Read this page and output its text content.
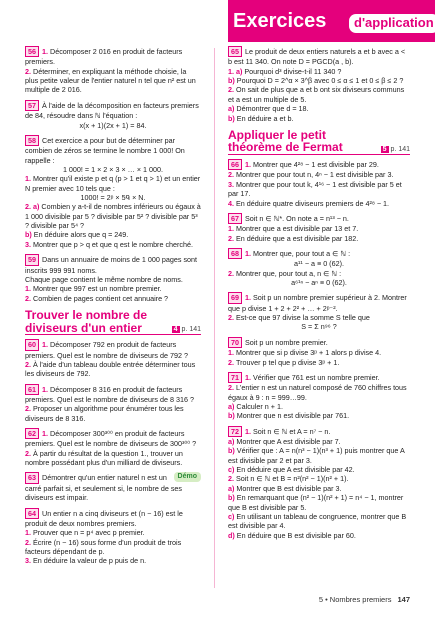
Exercices	d'application
56 1. Décomposer 2 016 en produit de facteurs premiers.
2. Déterminer, en expliquant la méthode choisie, la plus petite valeur de l'entier naturel n tel que n² est un multiple de 2 016.
57 À l'aide de la décomposition en facteurs premiers de 84, résoudre dans ℕ l'équation :
x(x + 1)(2x + 1) = 84.
58 Cet exercice a pour but de déterminer par combien de zéros se termine le nombre 1 000! On rappelle :
1 000! = 1 × 2 × 3 × … × 1 000.
1. Montrer qu'il existe p et q (p > 1 et q > 1) et un entier N premier avec 10 tels que :
1000! = 2ᵖ × 5ᑫ × N.
2. a) Combien y a-t-il de nombres inférieurs ou égaux à 1 000 divisible par 5 ? divisible par 5² ? divisible par 5³ ? divisible par 5⁴ ?
b) En déduire alors que q = 249.
3. Montrer que p > q et que q est le nombre cherché.
59 Dans un annuaire de moins de 1 000 pages sont inscrits 999 991 noms.
Chaque page contient le même nombre de noms.
1. Montrer que 997 est un nombre premier.
2. Combien de pages contient cet annuaire ?
Trouver le nombre de diviseurs d'un entier	4 p. 141
60 1. Décomposer 792 en produit de facteurs premiers. Quel est le nombre de diviseurs de 792 ?
2. À l'aide d'un tableau double entrée déterminer tous les diviseurs de 792.
61 1. Décomposer 8 316 en produit de facteurs premiers. Quel est le nombre de diviseurs de 8 316 ?
2. Proposer un algorithme pour énumérer tous les diviseurs de 8 316.
62 1. Décomposer 300³⁰⁰ en produit de facteurs premiers. Quel est le nombre de diviseurs de 300³⁰⁰ ?
2. À partir du résultat de la question 1., trouver un nombre possédant plus d'un milliard de diviseurs.
Démo
63 Démontrer qu'un entier naturel n est un carré parfait si, et seulement si, le nombre de ses diviseurs est impair.
64 Un entier n a cinq diviseurs et (n − 16) est le produit de deux nombres premiers.
1. Prouver que n = p⁴ avec p premier.
2. Écrire (n − 16) sous forme d'un produit de trois facteurs dépendant de p.
3. En déduire la valeur de p puis de n.
65 Le produit de deux entiers naturels a et b avec a < b est 11 340. On note D = PGCD(a , b).
1. a) Pourquoi d³ divise-t-il 11 340 ?
b) Pourquoi D = 2^α × 3^β avec 0 ≤ α ≤ 1 et 0 ≤ β ≤ 2 ?
2. On sait de plus que a et b ont six diviseurs communs et a est un multiple de 5.
a) Démontrer que d = 18.
b) En déduire a et b.
Appliquer le petit théorème de Fermat	5 p. 141
66 1. Montrer que 4²⁸ − 1 est divisible par 29.
2. Montrer que pour tout n, 4ⁿ − 1 est divisible par 3.
3. Montrer que pour tout k, 4¹⁶ − 1 est divisible par 5 et par 17.
4. En déduire quatre diviseurs premiers de 4²⁸ − 1.
67 Soit n ∈ ℕ*. On note a = n¹³ − n.
1. Montrer que a est divisible par 13 et 7.
2. En déduire que a est divisible par 182.
68 1. Montrer que, pour tout a ∈ ℕ :
a¹¹ − a ≡ 0 (62).
2. Montrer que, pour tout a, n ∈ ℕ :
a⁶¹ⁿ − aⁿ ≡ 0 (62).
69 1. Soit p un nombre premier supérieur à 2. Montrer que p divise 1 + 2 + 2² + … + 2ᵖ⁻².
2. Est-ce que 97 divise la somme S telle que
S = Σ n⁹⁶ ?
70 Soit p un nombre premier.
1. Montrer que si p divise 3ᵖ + 1 alors p divise 4.
2. Trouver p tel que p divise 3ᵖ + 1.
71 1. Vérifier que 761 est un nombre premier.
2. L'entier n est un naturel composé de 760 chiffres tous égaux à 9 : n = 999…99.
a) Calculer n + 1.
b) Montrer que n est divisible par 761.
72 1. Soit n ∈ ℕ et A = n⁷ − n.
a) Montrer que A est divisible par 7.
b) Vérifier que : A = n(n³ − 1)(n³ + 1) puis montrer que A est divisible par 2 et par 3.
c) En déduire que A est divisible par 42.
2. Soit n ∈ ℕ et B = n²(n² − 1)(n² + 1).
a) Montrer que B est divisible par 3.
b) En remarquant que (n² − 1)(n² + 1) = n⁴ − 1, montrer que B est divisible par 5.
c) En utilisant un tableau de congruence, montrer que B est divisible par 4.
d) En déduire que B est divisible par 60.
5 • Nombres premiers 147
